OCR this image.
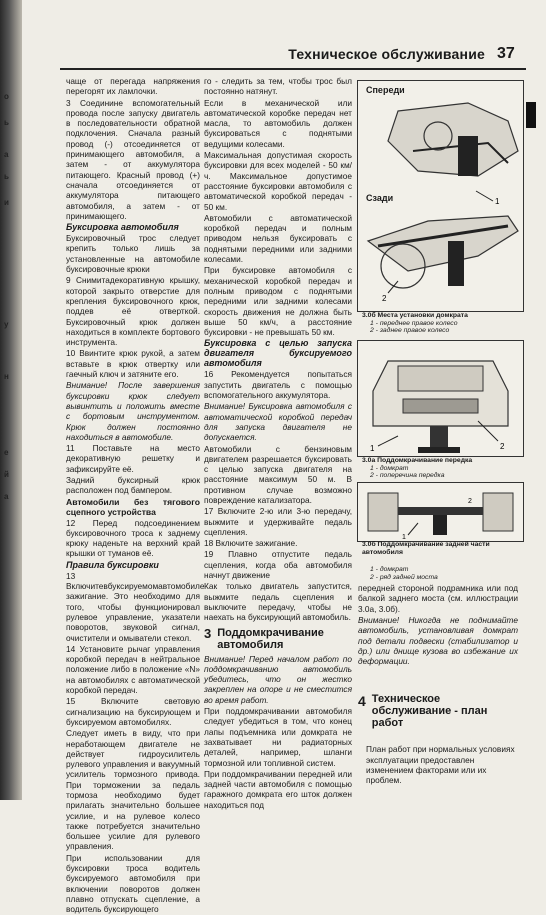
о
ь
а
ь
и
у
н
е
й
а
Техническое обслуживание 37

чаще от перегада напряжения перегорят их ламлочки.

3 Соединине вспомогательный провода после запуску двигатель в последовательности обратной подклочения. Сначала разный провод (-) отсоединяется от принимающего автомобиля, а затем - от аккумулятора питающего. Красный провод (+) сначала отсоединяется от аккумулятора питающего автомобиля, а затем - от принимающего.

Буксировка автомобиля

Буксировочный трос следует крепить только лишь за установленные на автомобиле буксировочные крюки

9 Снимитадекоративную крышку, которой закрыто отверстие для крепления буксировочного крюк, поддев её отверткой. Буксировочный крюк должен находиться в комплекте бортового инструмента.

10 Ввинтите крюк рукой, а затем вставьте в крюк отвертку или гаечный ключ и затяните его.

Внимание! После завершения буксировки крюк следует вывинтить и положить вместе с бортовым инструментом. Крюк должен постоянно находиться в автомобиле.

11 Поставьте на место декоративную решетку и зафиксируйте её.

Задний буксирный крюк расположен под бампером.

Автомобили без тягового сцепного устройства

12 Перед подсоединением буксировочного троса к заднему крюку наденьте на верхний край крышки от туманов её.

Правила буксировки

13 Включитевбуксируемомавтомобиле зажигание. Это необходимо для того, чтобы функционировал рулевое управление, указатели поворотов, звуковой сигнал, очистители и омыватели стекол.

14 Установите рычаг управления коробкой передач в нейтральное положение либо в положение «N» на автомобилях с автоматической коробкой передач.

15 Включите световую сигнализацию на буксирующем и буксируемом автомобилях.

Следует иметь в виду, что при неработающем двигателе не действует гидроусилитель рулевого управления и вакуумный усилитель тормозного привода. При торможении за педаль тормоза необходимо будет прилагать значительно большее усилие, и на рулевое колесо также потребуется значительно большее усилие для рулевого управления.

При использовании для буксировки троса водитель буксируемого автомобиля при включении поворотов должен плавно отпускать сцепление, а водитель буксирующего

го - следить за тем, чтобы трос был постоянно натянут.

Если в механической или автоматической коробке передач нет масла, то автомобиль должен буксироваться с поднятыми ведущими колесами.

Максимальная допустимая скорость буксировки для всех моделей - 50 км/ч. Максимальное допустимое расстояние буксировки автомобиля с автоматической коробкой передач - 50 км.

Автомобили с автоматической коробкой передач и полным приводом нельзя буксировать с поднятыми передними или задними колесами.

При буксировке автомобиля с механической коробкой передач и полным приводом с поднятыми передними или задними колесами скорость движения не должна быть выше 50 км/ч, а расстояние буксировки - не превышать 50 км.

Буксировка с целью запуска двигателя буксируемого автомобиля

16 Рекомендуется попытаться запустить двигатель с помощью вспомогательного аккумулятора.

Внимание! Буксировка автомобиля с автоматической коробкой передач для запуска двигателя не допускается.

Автомобили с бензиновым двигателем разрешается буксировать с целью запуска двигателя на расстояние максимум 50 м. В противном случае возможно повреждение катализатора.

17 Включите 2-ю или 3-ю передачу, выжмите и удерживайте педаль сцепления.

18 Включите зажигание.

19 Плавно отпустите педаль сцепления, когда оба автомобиля начнут движение

Как только двигатель запустится, выжмите педаль сцепления и выключите передачу, чтобы не наехать на буксирующий автомобиль.

3 Поддомкрачивание автомобиля

Внимание! Перед началом работ по поддомкрачиванию автомобиль убедитесь, что он жестко закреплен на опоре и не сместится во время работ.

При поддомкрачивании автомобиля следует убедиться в том, что конец лапы подъемника или домкрата не захватывает ни радиаторных деталей, например, шланги тормозной или топливной систем.

При поддомкрачивании передней или задней части автомобиля с помощью гаражного домкрата его шток должен находиться под

1
2
Спереди
Сзади
3.0б Места установки домкрата
1 - переднее правое колесо
2 - заднее правое колесо
1	2
3.0а Поддомкрачивание передка
1 - домкрат
2 - поперечина передка
1
2
3.0б Поддомкрачивание задней части автомобиля
1 - домкрат
2 - ряд задней моста

передней стороной подрамника или под балкой заднего моста (см. иллюстрации 3.0а, 3.0б).

Внимание! Никогда не поднимайте автомобиль, установливая домкрат под детали подвески (стабилизатор и др.) или днище кузова во избежание их деформации.

4 Техническое обслуживание - план работ

План работ при нормальных условиях эксплуатации предоставлен изменением факторами или их проблем.
